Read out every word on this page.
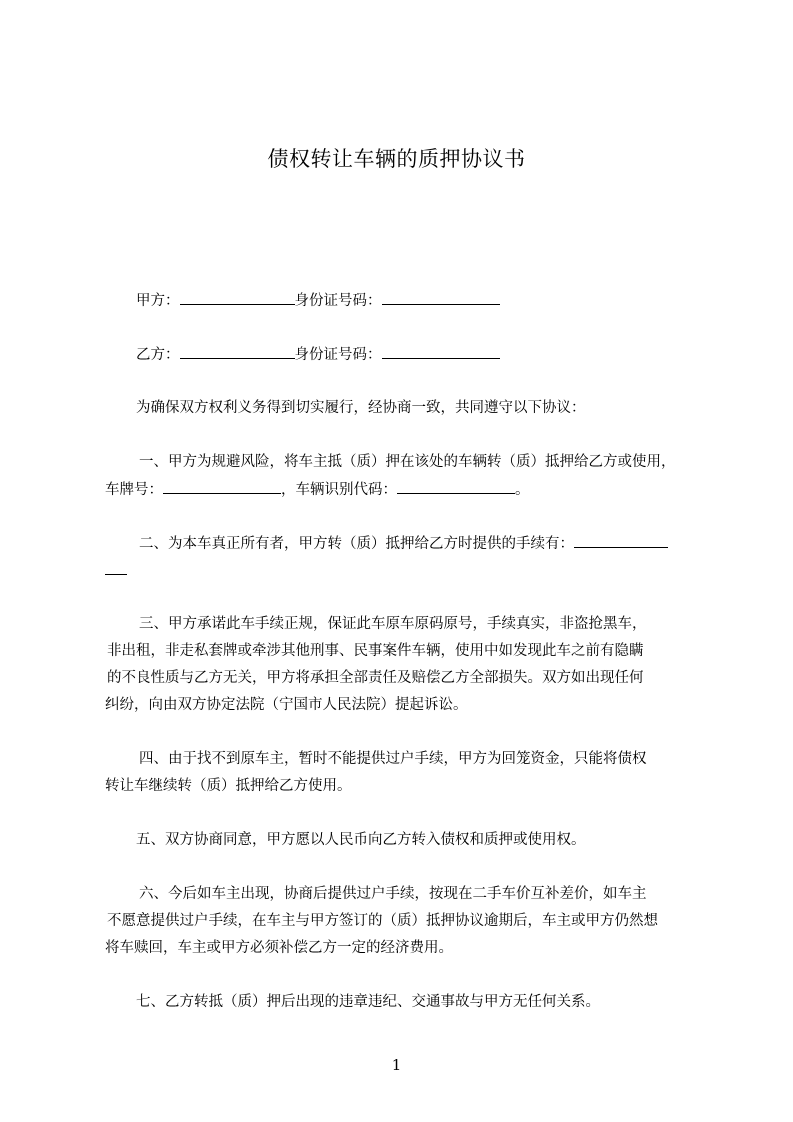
债权转让车辆的质押协议书
甲方：	身份证号码：
乙方：	身份证号码：
为确保双方权利义务得到切实履行，经协商一致，共同遵守以下协议：
一、甲方为规避风险，将车主抵（质）押在该处的车辆转（质）抵押给乙方或使用，
车牌号：	，车辆识别代码：	。
二、为本车真正所有者，甲方转（质）抵押给乙方时提供的手续有：
三、甲方承诺此车手续正规，保证此车原车原码原号，手续真实，非盗抢黑车，
非出租，非走私套牌或牵涉其他刑事、民事案件车辆，使用中如发现此车之前有隐瞒
的不良性质与乙方无关，甲方将承担全部责任及赔偿乙方全部损失。双方如出现任何
纠纷，向由双方协定法院（宁国市人民法院）提起诉讼。
四、由于找不到原车主，暂时不能提供过户手续，甲方为回笼资金，只能将债权
转让车继续转（质）抵押给乙方使用。
五、双方协商同意，甲方愿以人民币向乙方转入债权和质押或使用权。
六、今后如车主出现，协商后提供过户手续，按现在二手车价互补差价，如车主
不愿意提供过户手续，在车主与甲方签订的（质）抵押协议逾期后，车主或甲方仍然想
将车赎回，车主或甲方必须补偿乙方一定的经济费用。
七、乙方转抵（质）押后出现的违章违纪、交通事故与甲方无任何关系。
1
